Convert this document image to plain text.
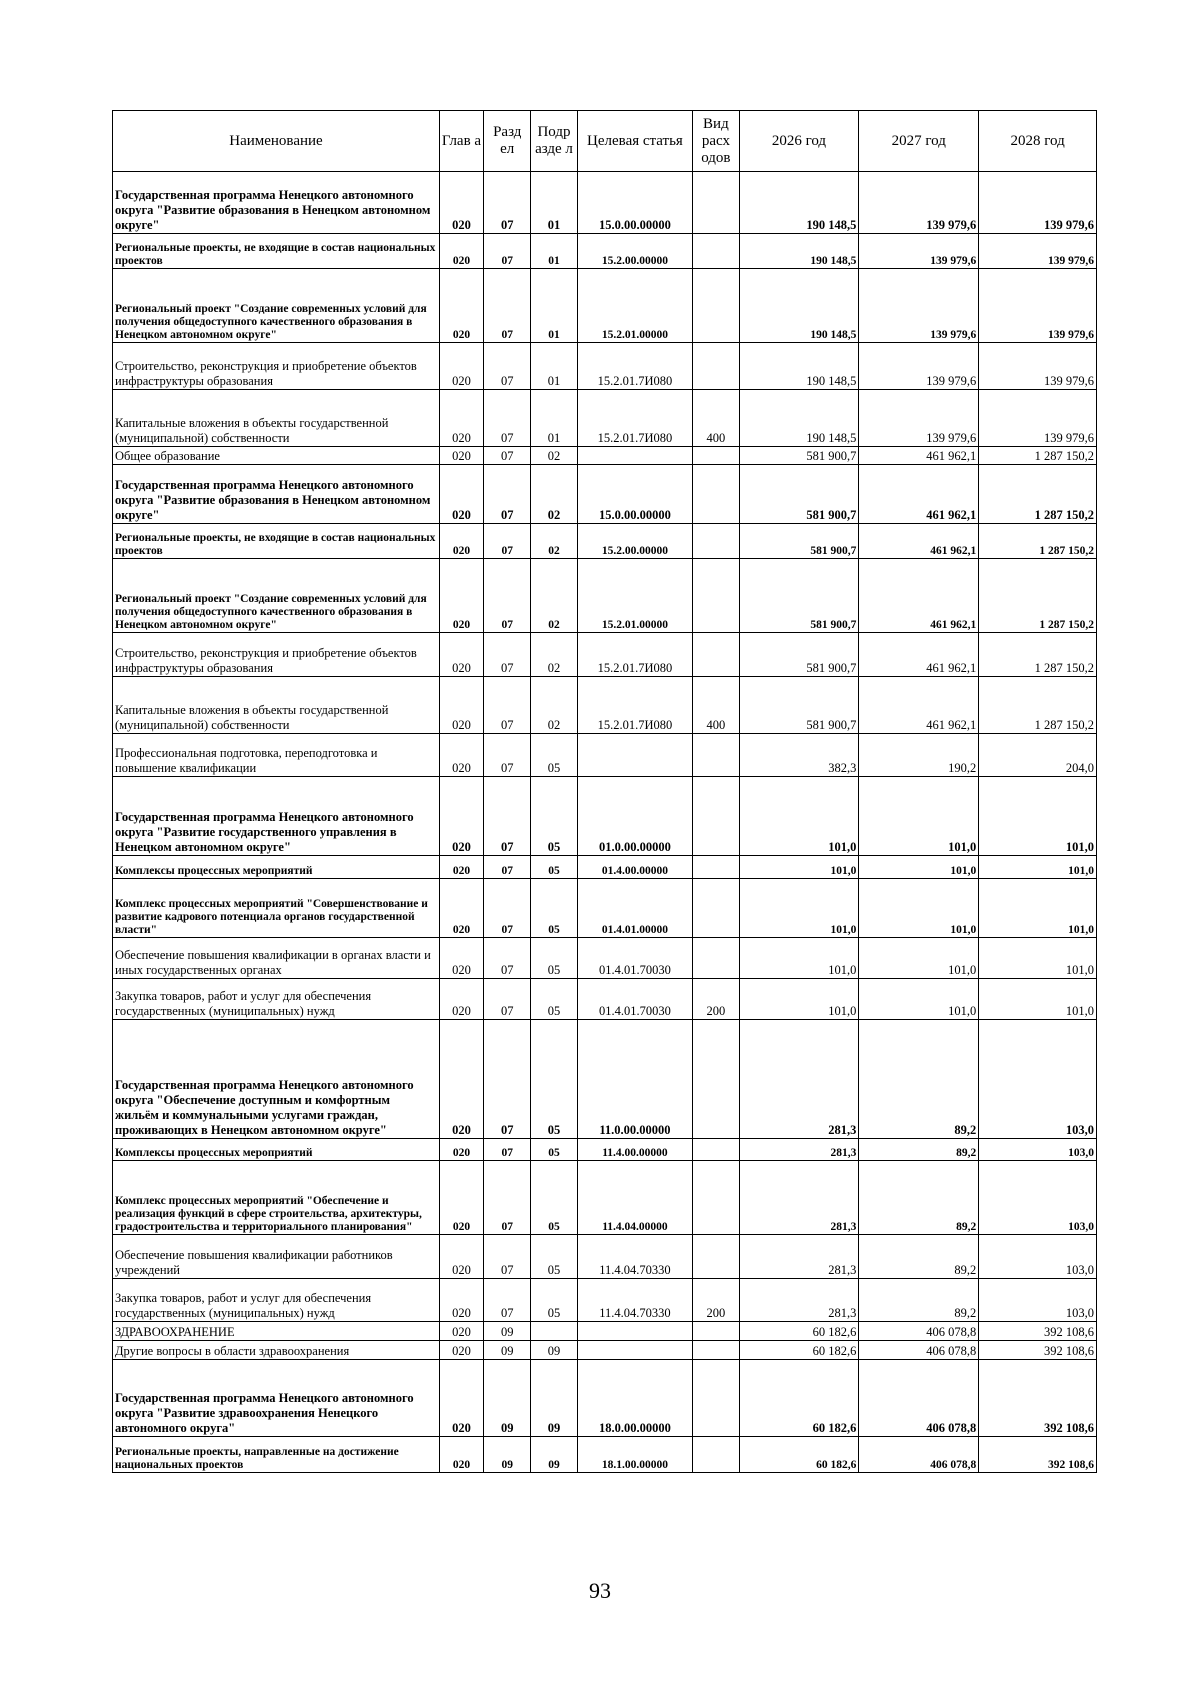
Наименование	Глав а	Разд ел	Подр азде л	Целевая статья	Вид расх одов	2026 год	2027 год	2028 год
Государственная программа Ненецкого автономного округа "Развитие образования в Ненецком автономном округе"	020	07	01	15.0.00.00000		190 148,5	139 979,6	139 979,6
Региональные проекты, не входящие в состав национальных проектов	020	07	01	15.2.00.00000		190 148,5	139 979,6	139 979,6
Региональный проект "Создание современных условий для получения общедоступного качественного образования в Ненецком автономном округе"	020	07	01	15.2.01.00000		190 148,5	139 979,6	139 979,6
Строительство, реконструкция и приобретение объектов инфраструктуры образования	020	07	01	15.2.01.7И080		190 148,5	139 979,6	139 979,6
Капитальные вложения в объекты государственной (муниципальной) собственности	020	07	01	15.2.01.7И080	400	190 148,5	139 979,6	139 979,6
Общее образование	020	07	02			581 900,7	461 962,1	1 287 150,2
Государственная программа Ненецкого автономного округа "Развитие образования в Ненецком автономном округе"	020	07	02	15.0.00.00000		581 900,7	461 962,1	1 287 150,2
Региональные проекты, не входящие в состав национальных проектов	020	07	02	15.2.00.00000		581 900,7	461 962,1	1 287 150,2
Региональный проект "Создание современных условий для получения общедоступного качественного образования в Ненецком автономном округе"	020	07	02	15.2.01.00000		581 900,7	461 962,1	1 287 150,2
Строительство, реконструкция и приобретение объектов инфраструктуры образования	020	07	02	15.2.01.7И080		581 900,7	461 962,1	1 287 150,2
Капитальные вложения в объекты государственной (муниципальной) собственности	020	07	02	15.2.01.7И080	400	581 900,7	461 962,1	1 287 150,2
Профессиональная подготовка, переподготовка и повышение квалификации	020	07	05			382,3	190,2	204,0
Государственная программа Ненецкого автономного округа "Развитие государственного управления в Ненецком автономном округе"	020	07	05	01.0.00.00000		101,0	101,0	101,0
Комплексы процессных мероприятий	020	07	05	01.4.00.00000		101,0	101,0	101,0
Комплекс процессных мероприятий "Совершенствование и развитие кадрового потенциала органов государственной власти"	020	07	05	01.4.01.00000		101,0	101,0	101,0
Обеспечение повышения квалификации в органах власти и иных государственных органах	020	07	05	01.4.01.70030		101,0	101,0	101,0
Закупка товаров, работ и услуг для обеспечения государственных (муниципальных) нужд	020	07	05	01.4.01.70030	200	101,0	101,0	101,0
Государственная программа Ненецкого автономного округа "Обеспечение доступным и комфортным жильём и коммунальными услугами граждан, проживающих в Ненецком автономном округе"	020	07	05	11.0.00.00000		281,3	89,2	103,0
Комплексы процессных мероприятий	020	07	05	11.4.00.00000		281,3	89,2	103,0
Комплекс процессных мероприятий "Обеспечение и реализация функций в сфере строительства, архитектуры, градостроительства и территориального планирования"	020	07	05	11.4.04.00000		281,3	89,2	103,0
Обеспечение повышения квалификации работников учреждений	020	07	05	11.4.04.70330		281,3	89,2	103,0
Закупка товаров, работ и услуг для обеспечения государственных (муниципальных) нужд	020	07	05	11.4.04.70330	200	281,3	89,2	103,0
ЗДРАВООХРАНЕНИЕ	020	09				60 182,6	406 078,8	392 108,6
Другие вопросы в области здравоохранения	020	09	09			60 182,6	406 078,8	392 108,6
Государственная программа Ненецкого автономного округа "Развитие здравоохранения Ненецкого автономного округа"	020	09	09	18.0.00.00000		60 182,6	406 078,8	392 108,6
Региональные проекты, направленные на достижение национальных проектов	020	09	09	18.1.00.00000		60 182,6	406 078,8	392 108,6
93
